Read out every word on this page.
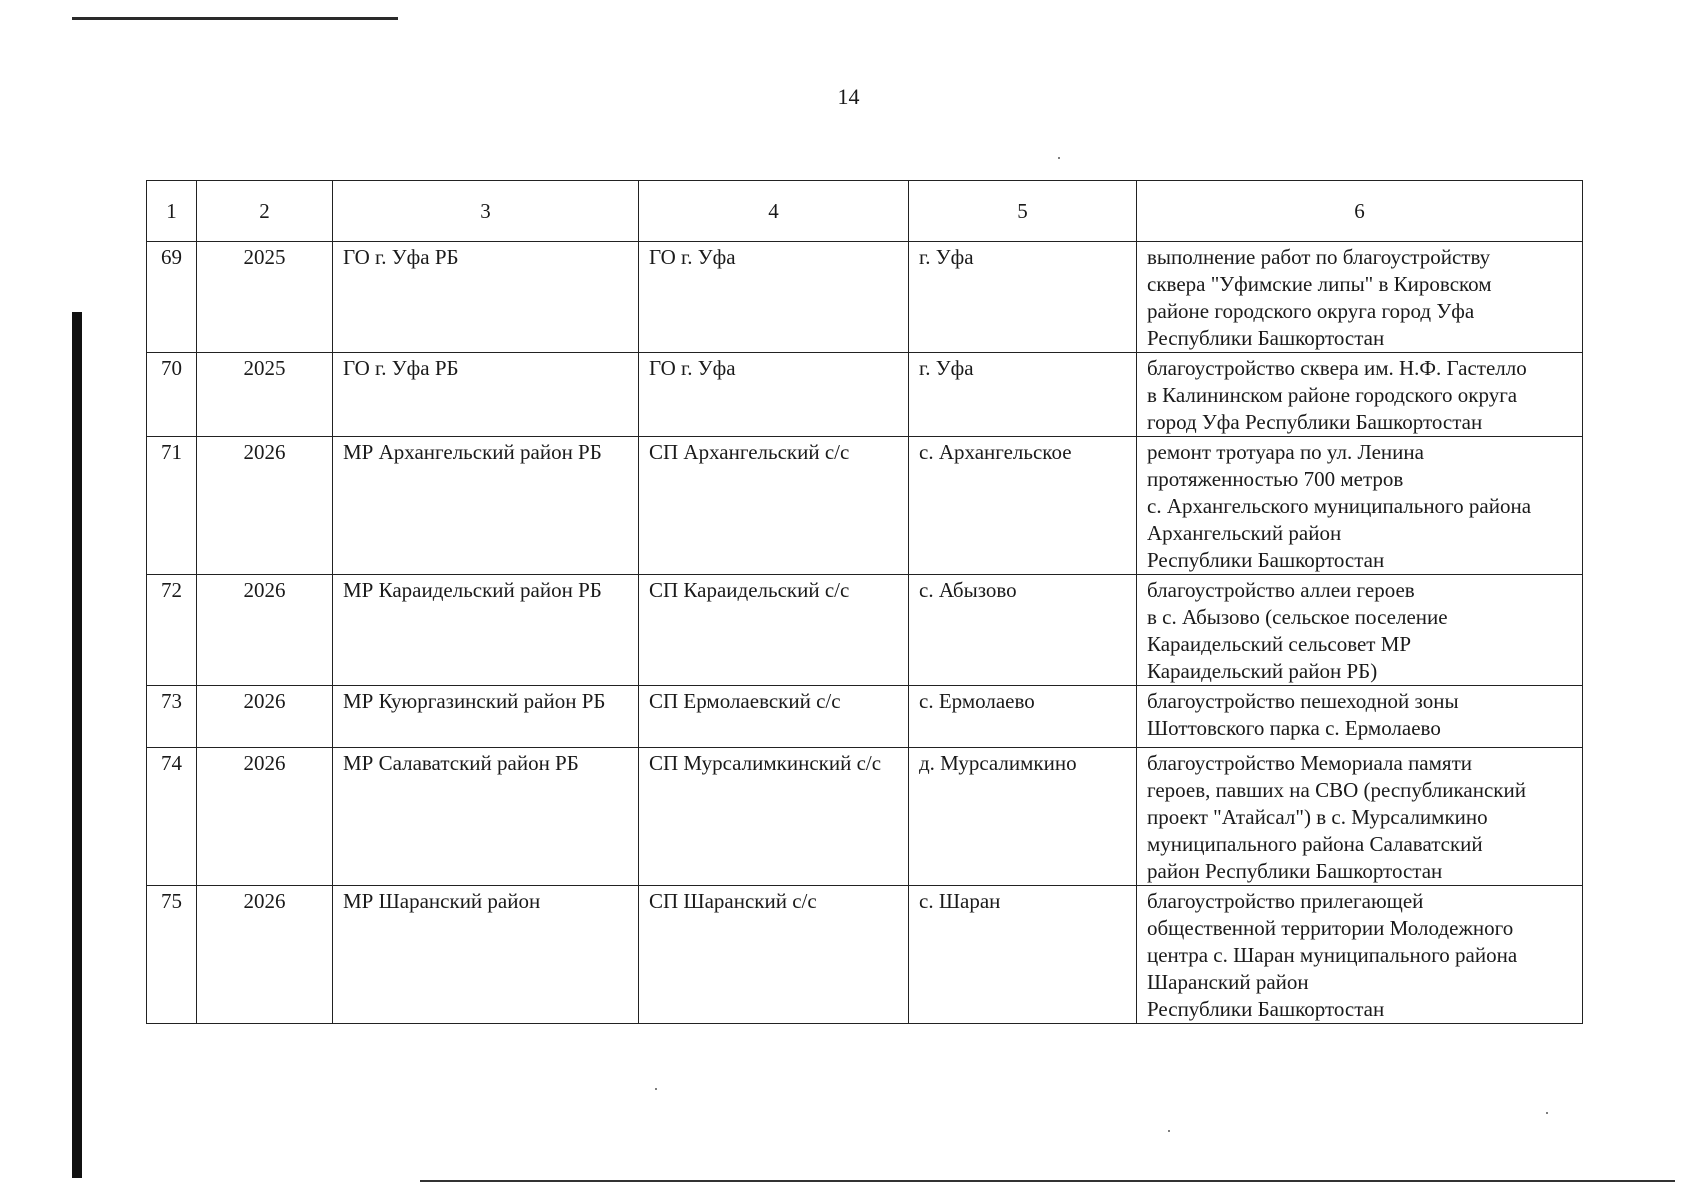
14
1	2	3	4	5	6
69	2025	ГО г. Уфа РБ	ГО г. Уфа	г. Уфа	выполнение работ по благоустройству
сквера "Уфимские липы" в Кировском
районе городского округа город Уфа
Республики Башкортостан

70	2025	ГО г. Уфа РБ	ГО г. Уфа	г. Уфа	благоустройство сквера им. Н.Ф. Гастелло
в Калининском районе городского округа
город Уфа Республики Башкортостан

71	2026	МР Архангельский район РБ	СП Архангельский с/с	с. Архангельское	ремонт тротуара по ул. Ленина
протяженностью 700 метров
с. Архангельского муниципального района
Архангельский район
Республики Башкортостан

72	2026	МР Караидельский район РБ	СП Караидельский с/с	с. Абызово	благоустройство аллеи героев
в с. Абызово (сельское поселение
Караидельский сельсовет МР
Караидельский район РБ)

73	2026	МР Куюргазинский район РБ	СП Ермолаевский с/с	с. Ермолаево	благоустройство пешеходной зоны
Шоттовского парка с. Ермолаево

74	2026	МР Салаватский район РБ	СП Мурсалимкинский с/с	д. Мурсалимкино	благоустройство Мемориала памяти
героев, павших на СВО (республиканский
проект "Атайсал") в с. Мурсалимкино
муниципального района Салаватский
район Республики Башкортостан

75	2026	МР Шаранский район	СП Шаранский с/с	с. Шаран	благоустройство прилегающей
общественной территории Молодежного
центра с. Шаран муниципального района
Шаранский район
Республики Башкортостан
